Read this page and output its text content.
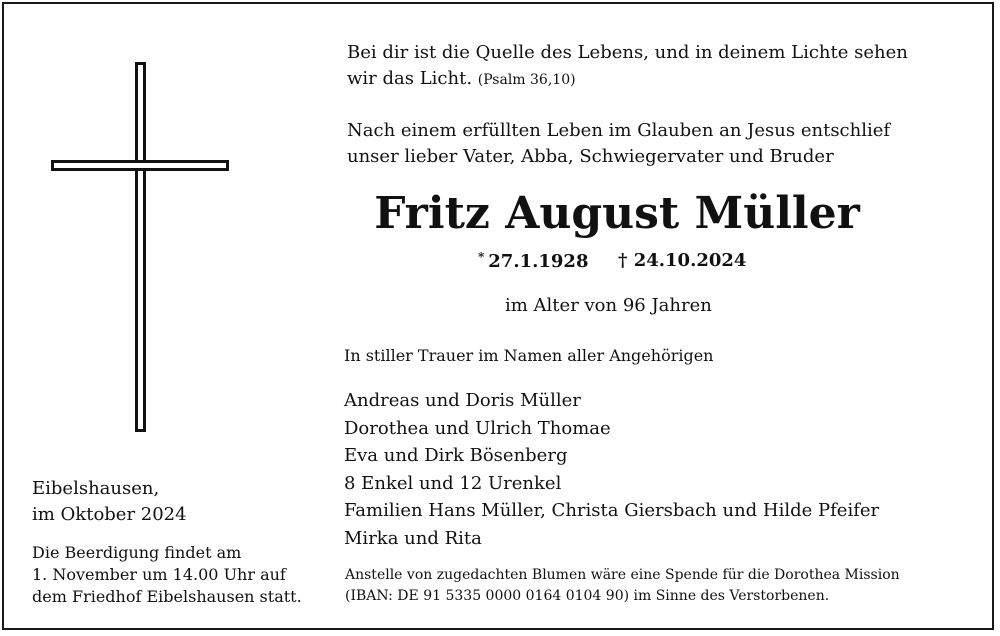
Bei dir ist die Quelle des Lebens, und in deinem Lichte sehen
wir das Licht. (Psalm 36,10)
Nach einem erfüllten Leben im Glauben an Jesus entschlief
unser lieber Vater, Abba, Schwiegervater und Bruder
Fritz August Müller
* 27.1.1928 † 24.10.2024
im Alter von 96 Jahren
In stiller Trauer im Namen aller Angehörigen
Andreas und Doris Müller
Dorothea und Ulrich Thomae
Eva und Dirk Bösenberg
8 Enkel und 12 Urenkel
Familien Hans Müller, Christa Giersbach und Hilde Pfeifer
Mirka und Rita
Anstelle von zugedachten Blumen wäre eine Spende für die Dorothea Mission
(IBAN: DE 91 5335 0000 0164 0104 90) im Sinne des Verstorbenen.
Eibelshausen,
im Oktober 2024
Die Beerdigung findet am
1. November um 14.00 Uhr auf
dem Friedhof Eibelshausen statt.
